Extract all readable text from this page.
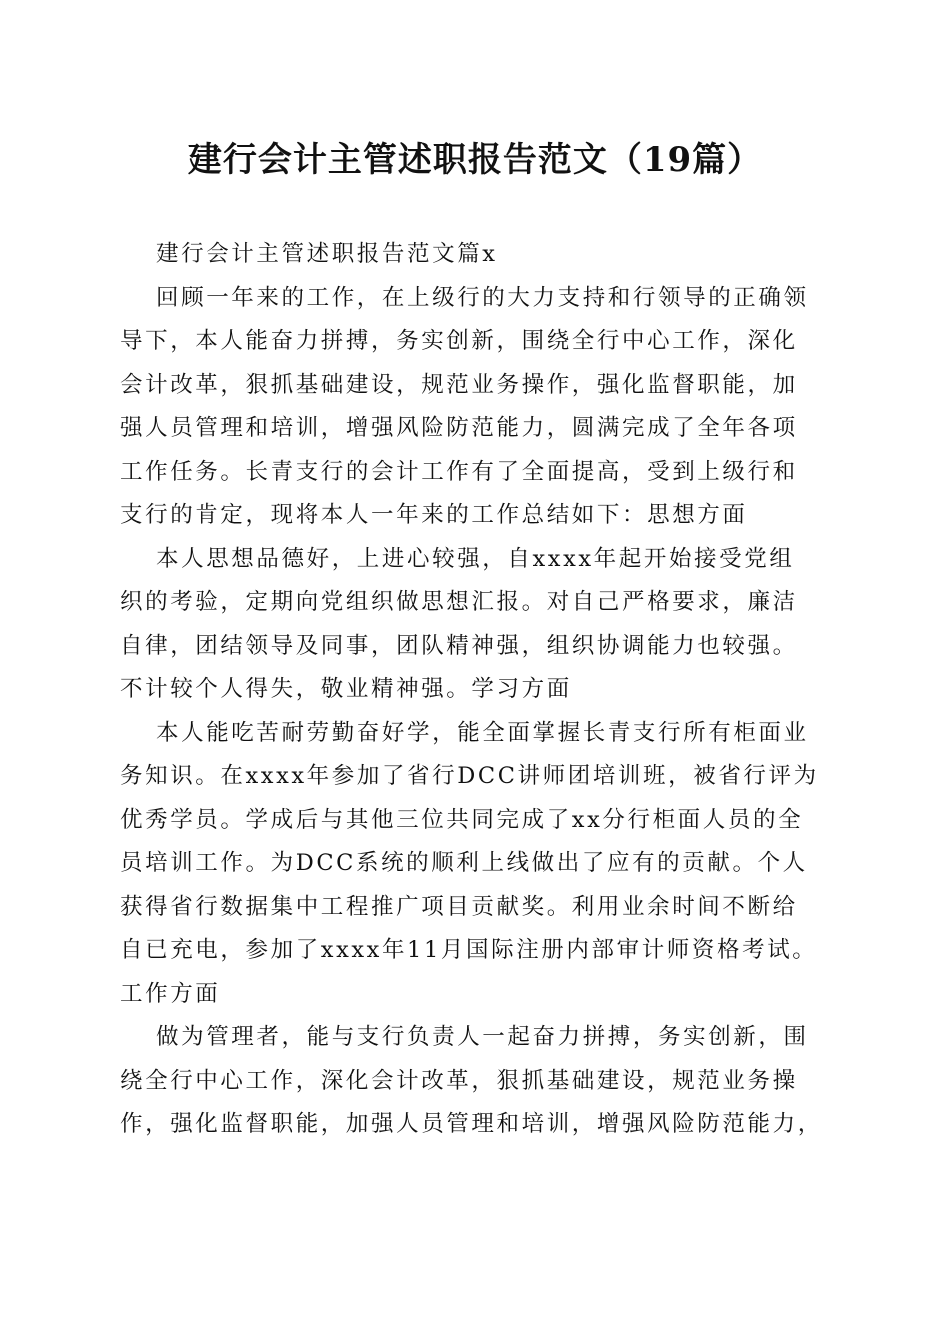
建行会计主管述职报告范文（19篇）
建行会计主管述职报告范文篇x
回顾一年来的工作，在上级行的大力支持和行领导的正确领
导下，本人能奋力拼搏，务实创新，围绕全行中心工作，深化
会计改革，狠抓基础建设，规范业务操作，强化监督职能，加
强人员管理和培训，增强风险防范能力，圆满完成了全年各项
工作任务。长青支行的会计工作有了全面提高，受到上级行和
支行的肯定，现将本人一年来的工作总结如下：思想方面
本人思想品德好，上进心较强，自xxxx年起开始接受党组
织的考验，定期向党组织做思想汇报。对自己严格要求，廉洁
自律，团结领导及同事，团队精神强，组织协调能力也较强。
不计较个人得失，敬业精神强。学习方面
本人能吃苦耐劳勤奋好学，能全面掌握长青支行所有柜面业
务知识。在xxxx年参加了省行DCC讲师团培训班，被省行评为
优秀学员。学成后与其他三位共同完成了xx分行柜面人员的全
员培训工作。为DCC系统的顺利上线做出了应有的贡献。个人
获得省行数据集中工程推广项目贡献奖。利用业余时间不断给
自已充电，参加了xxxx年11月国际注册内部审计师资格考试。
工作方面
做为管理者，能与支行负责人一起奋力拼搏，务实创新，围
绕全行中心工作，深化会计改革，狠抓基础建设，规范业务操
作，强化监督职能，加强人员管理和培训，增强风险防范能力，
